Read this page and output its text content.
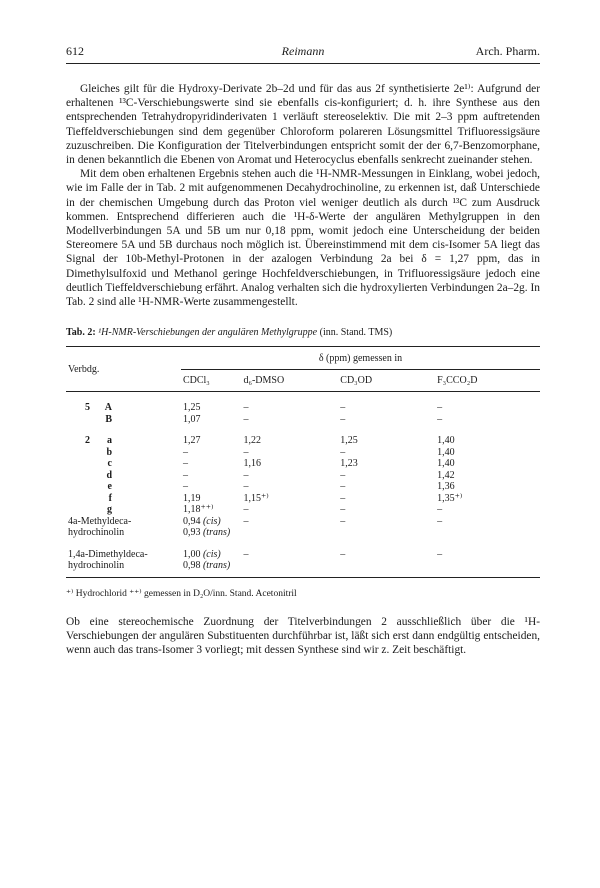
612	Reimann	Arch. Pharm.

Gleiches gilt für die Hydroxy-Derivate 2b–2d und für das aus 2f synthetisierte 2e¹⁾: Aufgrund der erhaltenen ¹³C-Verschiebungswerte sind sie ebenfalls cis-konfiguriert; d. h. ihre Synthese aus den entsprechenden Tetrahydropyridinderivaten 1 verläuft stereoselektiv. Die mit 2–3 ppm auftretenden Tieffeldverschiebungen sind dem gegenüber Chloroform polareren Lösungsmittel Trifluoressigsäure zuzuschreiben. Die Konfiguration der Titelverbindungen entspricht somit der der 6,7-Benzomorphane, in denen bekanntlich die Ebenen von Aromat und Heterocyclus ebenfalls senkrecht zueinander stehen.

Mit dem oben erhaltenen Ergebnis stehen auch die ¹H-NMR-Messungen in Einklang, wobei jedoch, wie im Falle der in Tab. 2 mit aufgenommenen Decahydrochinoline, zu erkennen ist, daß Unterschiede in der chemischen Umgebung durch das Proton viel weniger deutlich als durch ¹³C zum Ausdruck kommen. Entsprechend differieren auch die ¹H-δ-Werte der angulären Methylgruppen in den Modellverbindungen 5A und 5B um nur 0,18 ppm, womit jedoch eine Unterscheidung der beiden Stereomere 5A und 5B durchaus noch möglich ist. Übereinstimmend mit dem cis-Isomer 5A liegt das Signal der 10b-Methyl-Protonen in der azalogen Verbindung 2a bei δ = 1,27 ppm, das in Dimethylsulfoxid und Methanol geringe Hochfeldverschiebungen, in Trifluoressigsäure jedoch eine deutlich Tieffeldverschiebung erfährt. Analog verhalten sich die hydroxylierten Verbindungen 2a–2g. In Tab. 2 sind alle ¹H-NMR-Werte zusammengestellt.

Tab. 2: ¹H-NMR-Verschiebungen der angulären Methylgruppe (inn. Stand. TMS)
Verbdg.	δ (ppm) gemessen in			
	CDCl₃	d₆-DMSO	CD₃OD	F₃CCO₂D

5 A	1,25	–	–	–
B	1,07	–	–	–

2 a	1,27	1,22	1,25	1,40
b	–	–	–	1,40
c	–	1,16	1,23	1,40
d	–	–	–	1,42
e	–	–	–	1,36
f	1,19	1,15⁺⁾	–	1,35⁺⁾
g	1,18⁺⁺⁾	–	–	–
4a-Methyldeca-	0,94 (cis)	–	–	–
hydrochinolin	0,93 (trans)			

1,4a-Dimethyldeca-	1,00 (cis)	–	–	–
hydrochinolin	0,98 (trans)			
⁺⁾ Hydrochlorid ⁺⁺⁾ gemessen in D₂O/inn. Stand. Acetonitril
Ob eine stereochemische Zuordnung der Titelverbindungen 2 ausschließlich über die ¹H-Verschiebungen der angulären Substituenten durchführbar ist, läßt sich erst dann endgültig entscheiden, wenn auch das trans-Isomer 3 vorliegt; mit dessen Synthese sind wir z. Zeit beschäftigt.
